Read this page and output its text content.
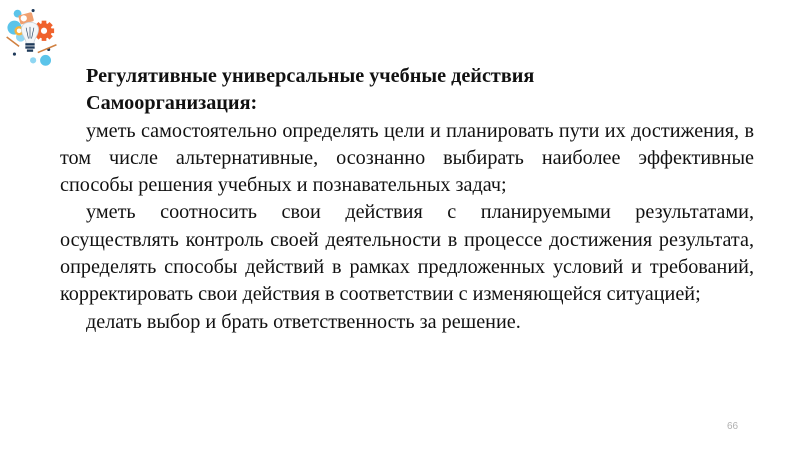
Регулятивные универсальные учебные действия

Самоорганизация:

уметь самостоятельно определять цели и планировать пути их достижения, в том числе альтернативные, осознанно выбирать наиболее эффективные способы решения учебных и познавательных задач;

уметь соотносить свои действия с планируемыми результатами, осуществлять контроль своей деятельности в процессе достижения результата, определять способы действий в рамках предложенных условий и требований, корректировать свои действия в соответствии с изменяющейся ситуацией;

делать выбор и брать ответственность за решение.

66
